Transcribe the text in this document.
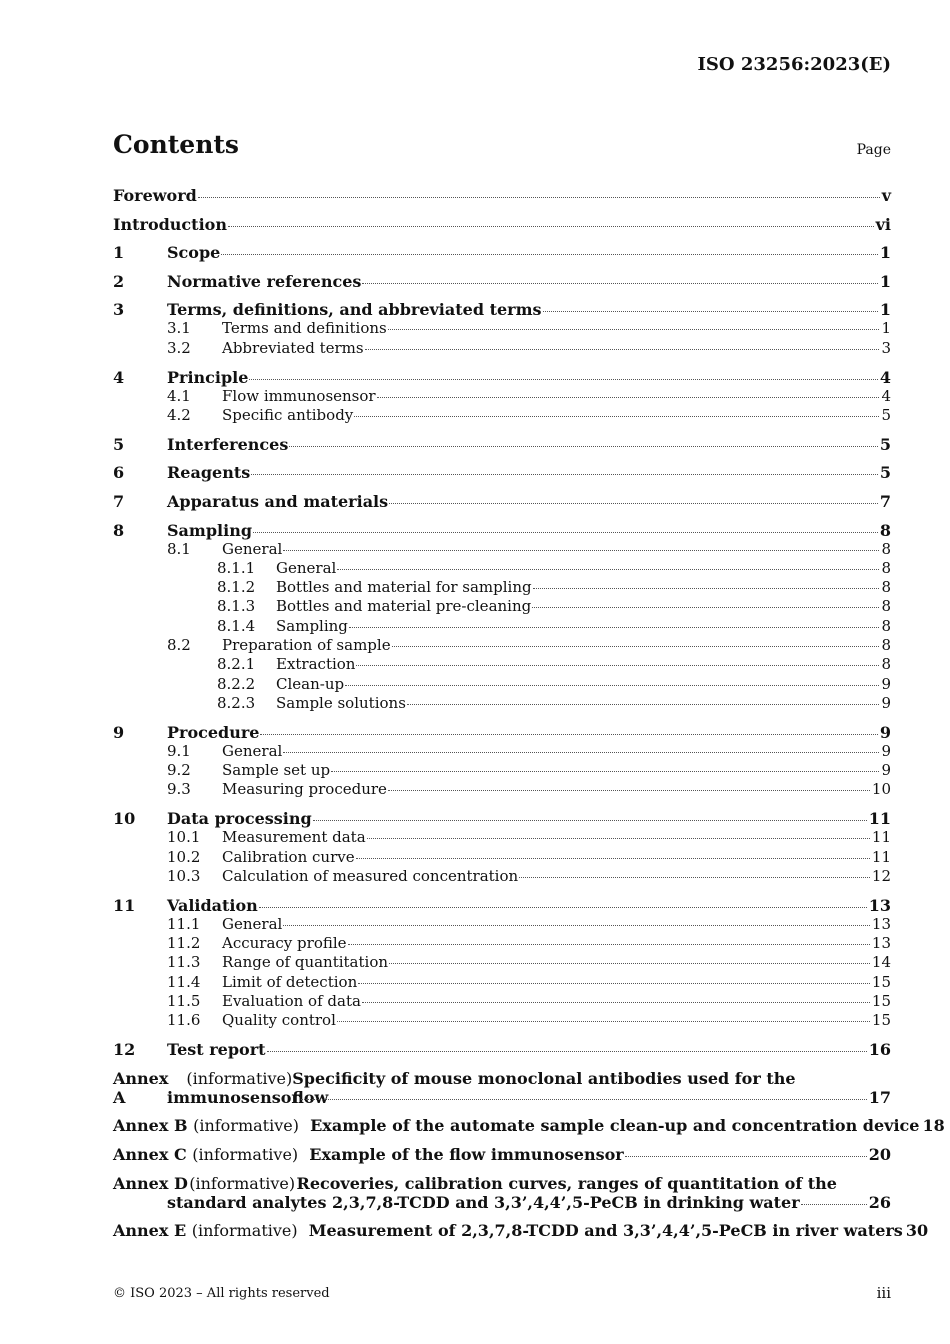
ISO 23256:2023(E)
Contents	Page
Foreword	v
Introduction	vi
1	Scope	1
2	Normative references	1
3	Terms, definitions, and abbreviated terms	1
3.1	Terms and definitions	1
3.2	Abbreviated terms	3
4	Principle	4
4.1	Flow immunosensor	4
4.2	Specific antibody	5
5	Interferences	5
6	Reagents	5
7	Apparatus and materials	7
8	Sampling	8
8.1	General	8
8.1.1	General	8
8.1.2	Bottles and material for sampling	8
8.1.3	Bottles and material pre-cleaning	8
8.1.4	Sampling	8
8.2	Preparation of sample	8
8.2.1	Extraction	8
8.2.2	Clean-up	9
8.2.3	Sample solutions	9
9	Procedure	9
9.1	General	9
9.2	Sample set up	9
9.3	Measuring procedure	10
10	Data processing	11
10.1	Measurement data	11
10.2	Calibration curve	11
10.3	Calculation of measured concentration	12
11	Validation	13
11.1	General	13
11.2	Accuracy profile	13
11.3	Range of quantitation	14
11.4	Limit of detection	15
11.5	Evaluation of data	15
11.6	Quality control	15
12	Test report	16
Annex A
(informative) Specificity of mouse monoclonal antibodies used for the flow
immunosensor	17
Annex B (informative) Example of the automate sample clean-up and concentration device 18
Annex C (informative) Example of the flow immunosensor	20
Annex D (informative) Recoveries, calibration curves, ranges of quantitation of the
standard analytes 2,3,7,8-TCDD and 3,3’,4,4’,5-PeCB in drinking water	26
Annex E (informative) Measurement of 2,3,7,8-TCDD and 3,3’,4,4’,5-PeCB in river waters 30
© ISO 2023 – All rights reserved	iii
